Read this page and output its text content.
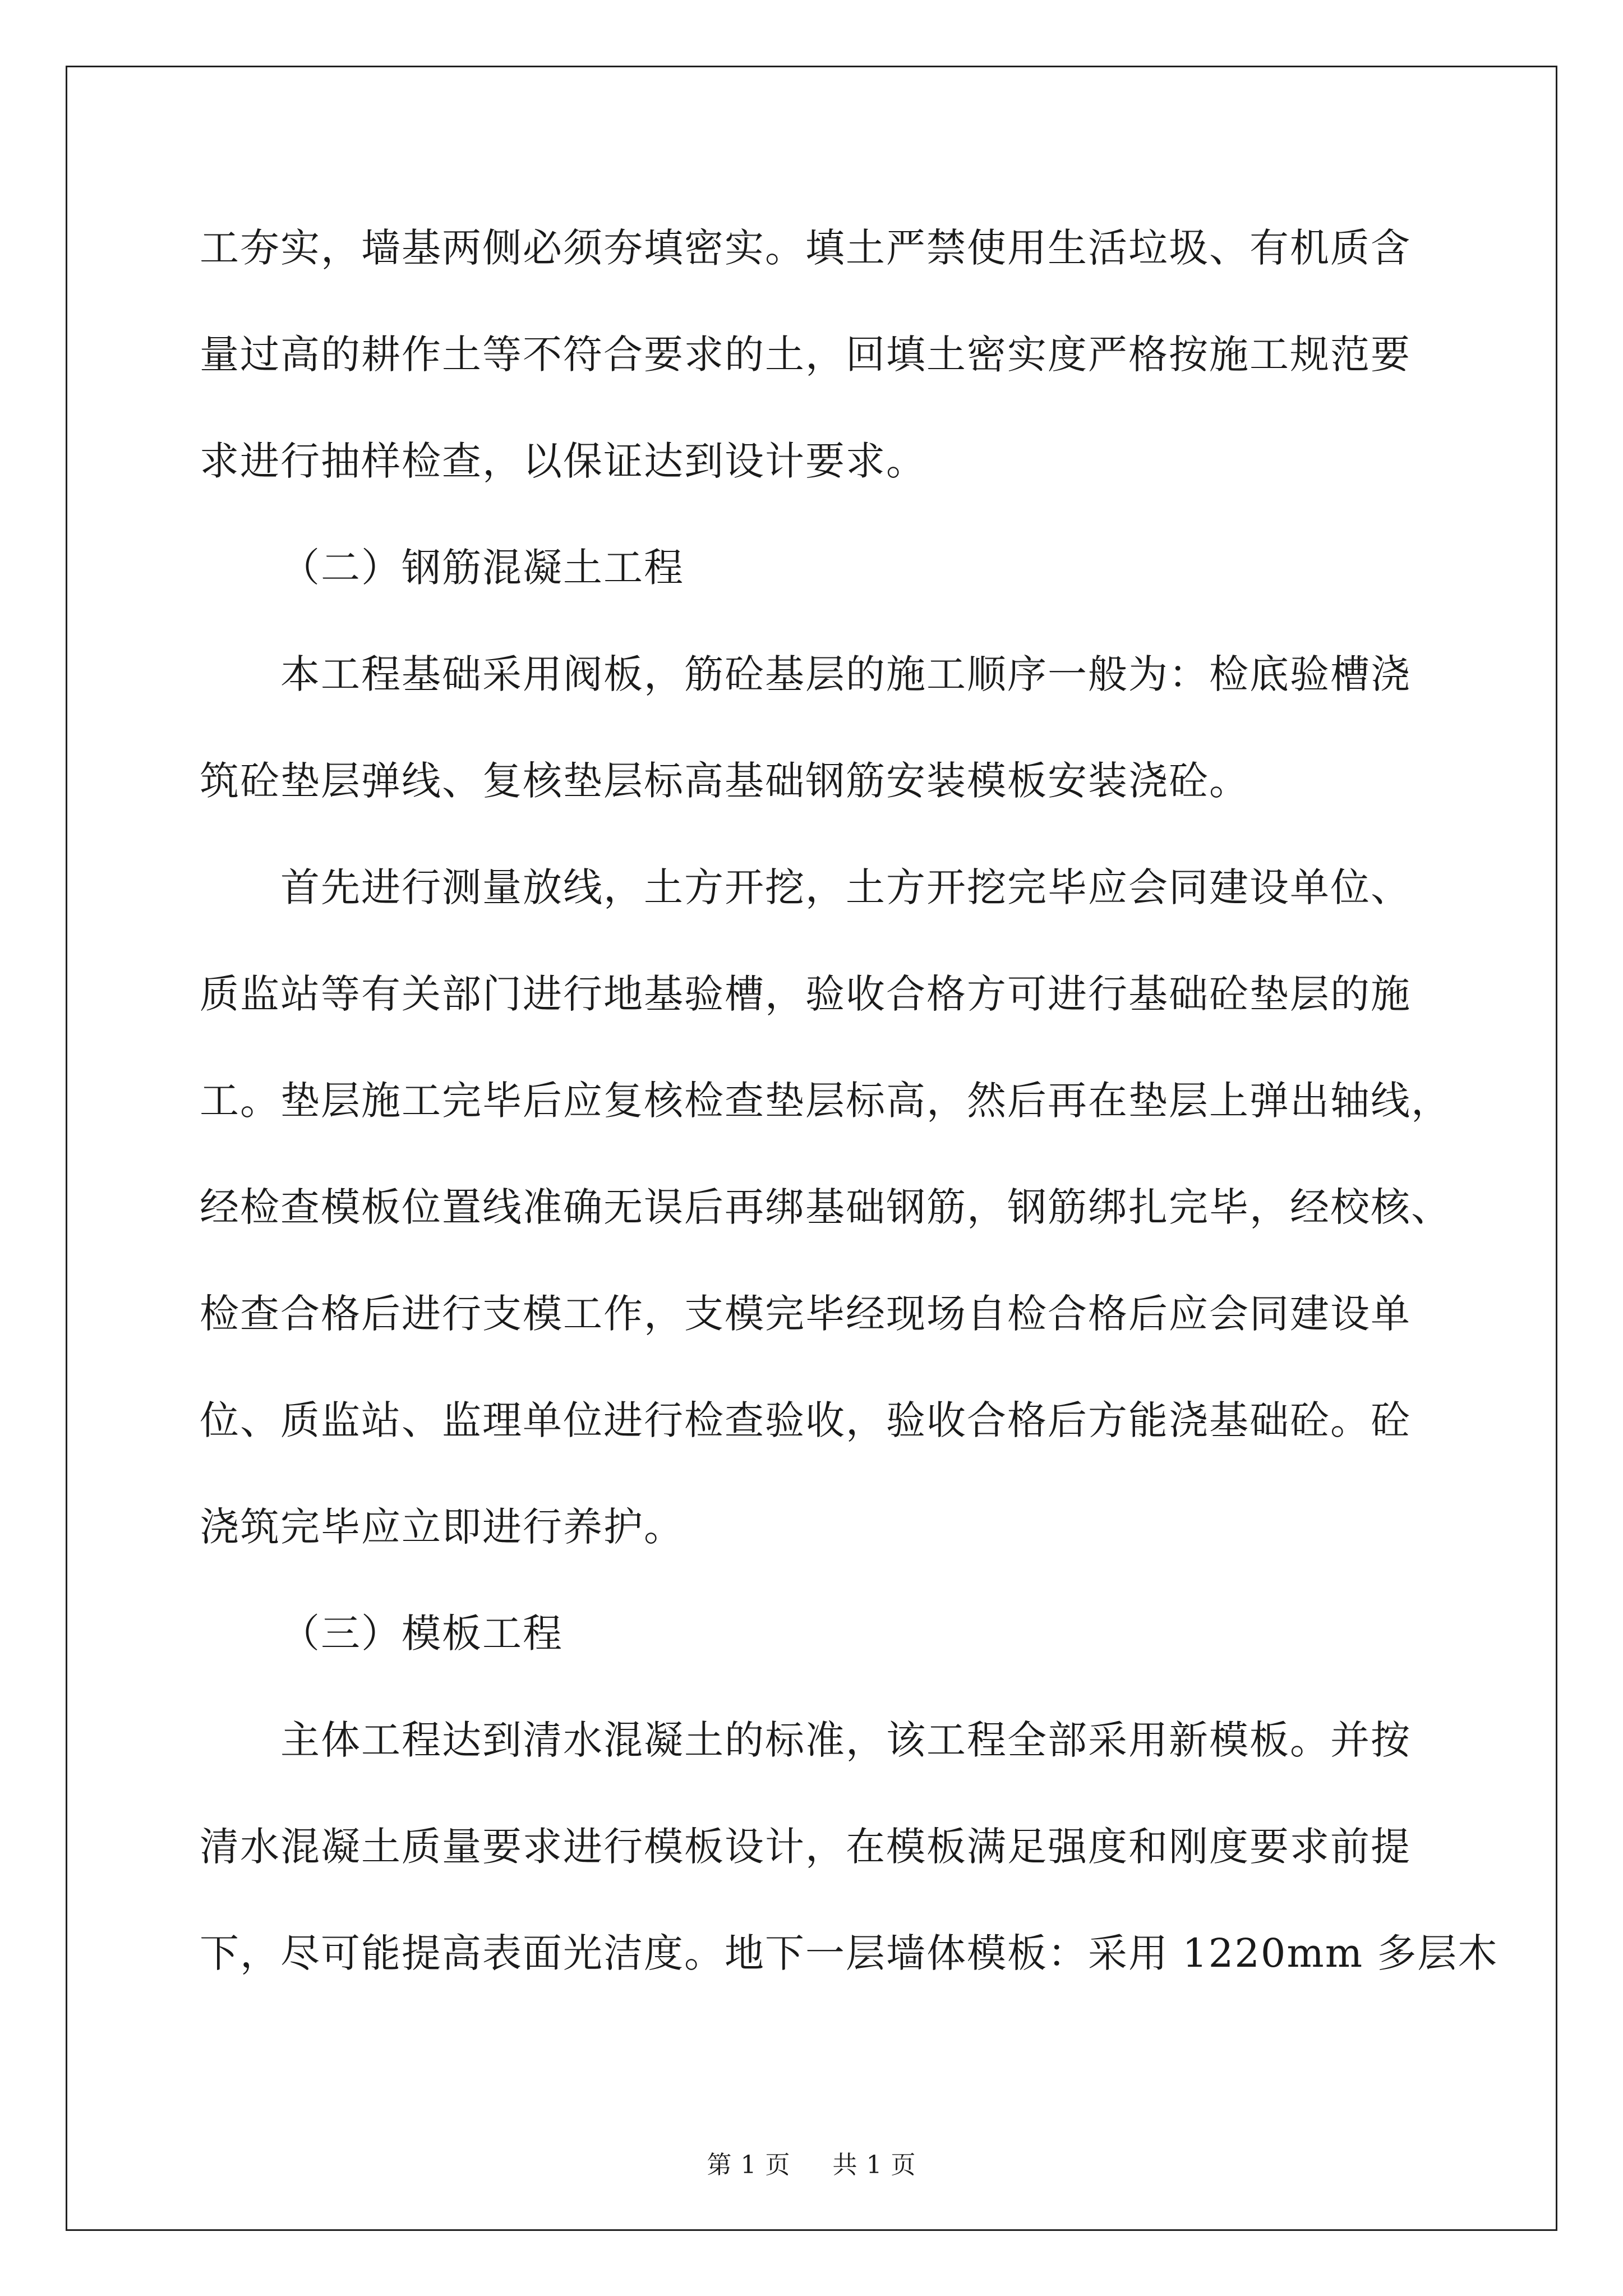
工夯实，墙基两侧必须夯填密实。填土严禁使用生活垃圾、有机质含
量过高的耕作土等不符合要求的土，回填土密实度严格按施工规范要
求进行抽样检查，以保证达到设计要求。
（二）钢筋混凝土工程
本工程基础采用阀板，筋砼基层的施工顺序一般为：检底验槽浇
筑砼垫层弹线、复核垫层标高基础钢筋安装模板安装浇砼。
首先进行测量放线，土方开挖，土方开挖完毕应会同建设单位、
质监站等有关部门进行地基验槽，验收合格方可进行基础砼垫层的施
工。垫层施工完毕后应复核检查垫层标高，然后再在垫层上弹出轴线，
经检查模板位置线准确无误后再绑基础钢筋，钢筋绑扎完毕，经校核、
检查合格后进行支模工作，支模完毕经现场自检合格后应会同建设单
位、质监站、监理单位进行检查验收，验收合格后方能浇基础砼。砼
浇筑完毕应立即进行养护。
（三）模板工程
主体工程达到清水混凝土的标准，该工程全部采用新模板。并按
清水混凝土质量要求进行模板设计，在模板满足强度和刚度要求前提
下，尽可能提高表面光洁度。地下一层墙体模板：采用 1220mm 多层木
第 1 页 共 1 页
